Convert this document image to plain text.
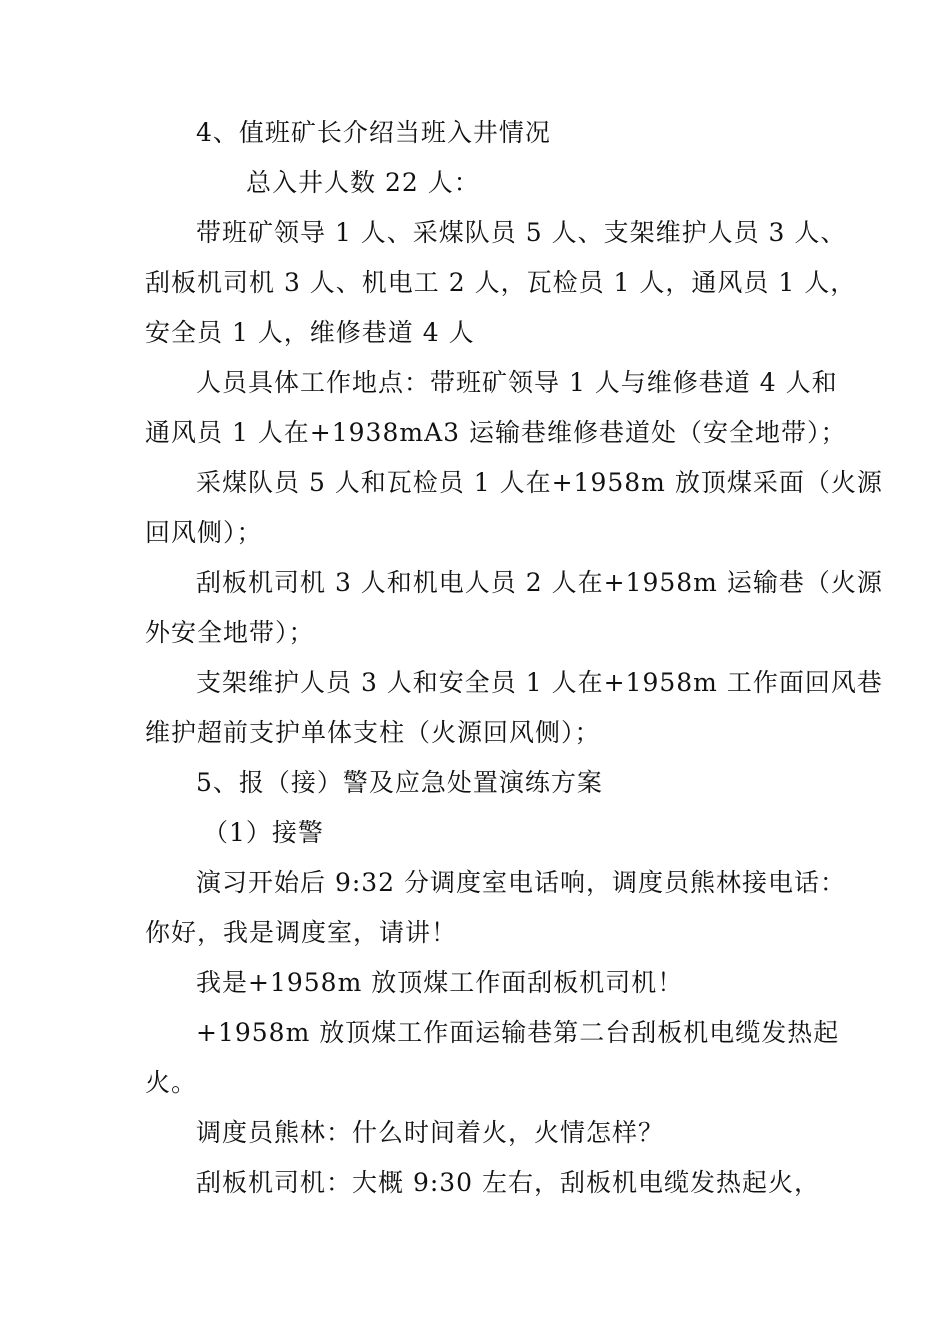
4、值班矿长介绍当班入井情况
总入井人数 22 人：
带班矿领导 1 人、采煤队员 5 人、支架维护人员 3 人、
刮板机司机 3 人、机电工 2 人，瓦检员 1 人，通风员 1 人，
安全员 1 人，维修巷道 4 人
人员具体工作地点：带班矿领导 1 人与维修巷道 4 人和
通风员 1 人在+1938mA3 运输巷维修巷道处（安全地带）；
采煤队员 5 人和瓦检员 1 人在+1958m 放顶煤采面（火源
回风侧）；
刮板机司机 3 人和机电人员 2 人在+1958m 运输巷（火源
外安全地带）；
支架维护人员 3 人和安全员 1 人在+1958m 工作面回风巷
维护超前支护单体支柱（火源回风侧）；
5、报（接）警及应急处置演练方案
（1）接警
演习开始后 9:32 分调度室电话响，调度员熊林接电话：
你好，我是调度室，请讲！
我是+1958m 放顶煤工作面刮板机司机！
+1958m 放顶煤工作面运输巷第二台刮板机电缆发热起
火。
调度员熊林：什么时间着火，火情怎样？
刮板机司机：大概 9:30 左右，刮板机电缆发热起火，
